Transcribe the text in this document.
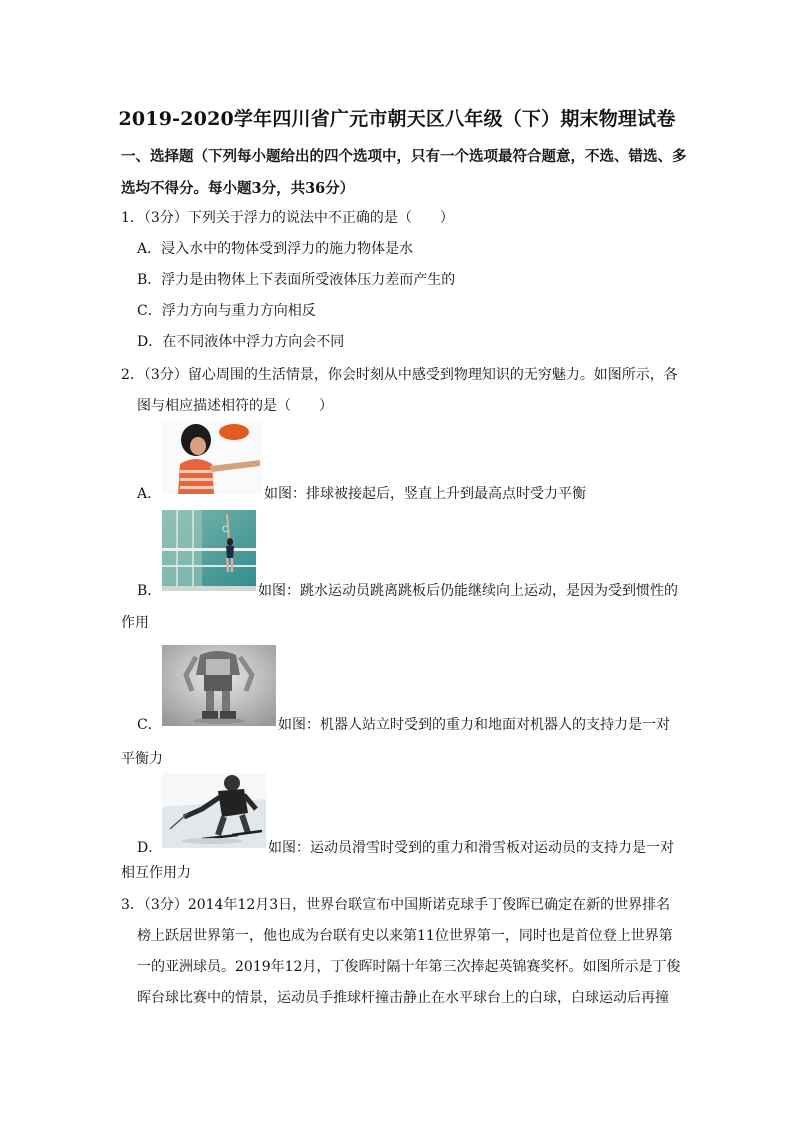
2019-2020学年四川省广元市朝天区八年级（下）期末物理试卷
一、选择题（下列每小题给出的四个选项中，只有一个选项最符合题意，不选、错选、多
选均不得分。每小题3分，共36分）
1．（3分）下列关于浮力的说法中不正确的是（　　）
A．浸入水中的物体受到浮力的施力物体是水
B．浮力是由物体上下表面所受液体压力差而产生的
C．浮力方向与重力方向相反
D．在不同液体中浮力方向会不同
2．（3分）留心周围的生活情景，你会时刻从中感受到物理知识的无穷魅力。如图所示，各
图与相应描述相符的是（　　）
A．	如图：排球被接起后，竖直上升到最高点时受力平衡
C
B．	如图：跳水运动员跳离跳板后仍能继续向上运动，是因为受到惯性的
作用
C．	如图：机器人站立时受到的重力和地面对机器人的支持力是一对
平衡力
D．	如图：运动员滑雪时受到的重力和滑雪板对运动员的支持力是一对
相互作用力
3．（3分）2014年12月3日，世界台联宣布中国斯诺克球手丁俊晖已确定在新的世界排名
榜上跃居世界第一，他也成为台联有史以来第11位世界第一，同时也是首位登上世界第
一的亚洲球员。2019年12月，丁俊晖时隔十年第三次捧起英锦赛奖杯。如图所示是丁俊
晖台球比赛中的情景，运动员手推球杆撞击静止在水平球台上的白球，白球运动后再撞
